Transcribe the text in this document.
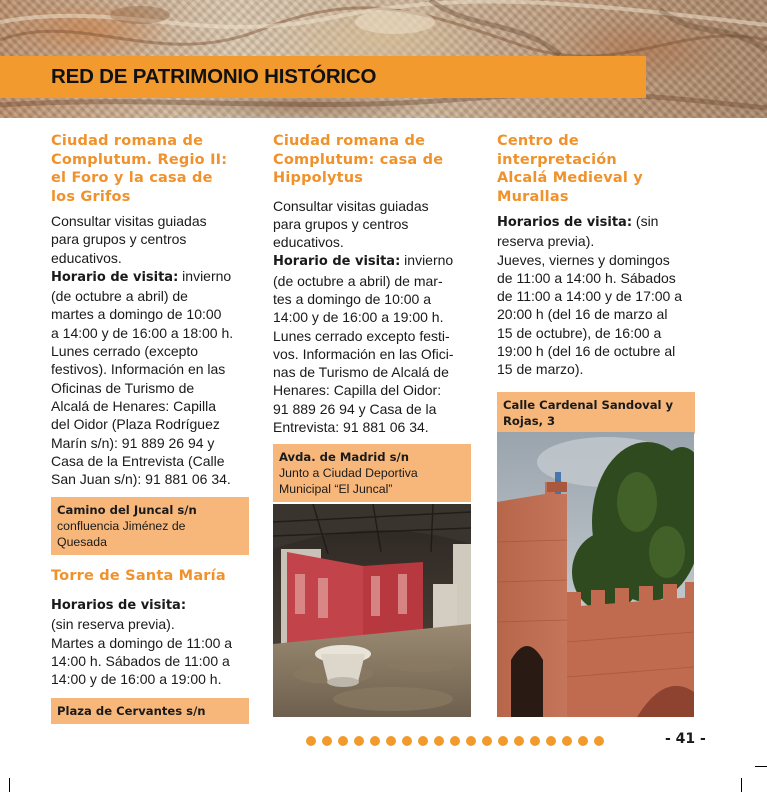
RED DE PATRIMONIO HISTÓRICO
Ciudad romana de
Complutum. Regio II:
el Foro y la casa de
los Grifos
Consultar visitas guiadas
para grupos y centros
educativos.
Horario de visita: invierno
(de octubre a abril) de
martes a domingo de 10:00
a 14:00 y de 16:00 a 18:00 h.
Lunes cerrado (excepto
festivos). Información en las
Oficinas de Turismo de
Alcalá de Henares: Capilla
del Oidor (Plaza Rodríguez
Marín s/n): 91 889 26 94 y
Casa de la Entrevista (Calle
San Juan s/n): 91 881 06 34.
Camino del Juncal s/n
confluencia Jiménez de
Quesada
Torre de Santa María
Horarios de visita:
(sin reserva previa).
Martes a domingo de 11:00 a
14:00 h. Sábados de 11:00 a
14:00 y de 16:00 a 19:00 h.
Plaza de Cervantes s/n
Ciudad romana de
Complutum: casa de
Hippolytus
Consultar visitas guiadas
para grupos y centros
educativos.
Horario de visita: invierno
(de octubre a abril) de mar-
tes a domingo de 10:00 a
14:00 y de 16:00 a 19:00 h.
Lunes cerrado excepto festi-
vos. Información en las Ofici-
nas de Turismo de Alcalá de
Henares: Capilla del Oidor:
91 889 26 94 y Casa de la
Entrevista: 91 881 06 34.
Avda. de Madrid s/n
Junto a Ciudad Deportiva
Municipal “El Juncal”
Centro de
interpretación
Alcalá Medieval y
Murallas
Horarios de visita: (sin
reserva previa).
Jueves, viernes y domingos
de 11:00 a 14:00 h. Sábados
de 11:00 a 14:00 y de 17:00 a
20:00 h (del 16 de marzo al
15 de octubre), de 16:00 a
19:00 h (del 16 de octubre al
15 de marzo).
Calle Cardenal Sandoval y
Rojas, 3
- 41 -
